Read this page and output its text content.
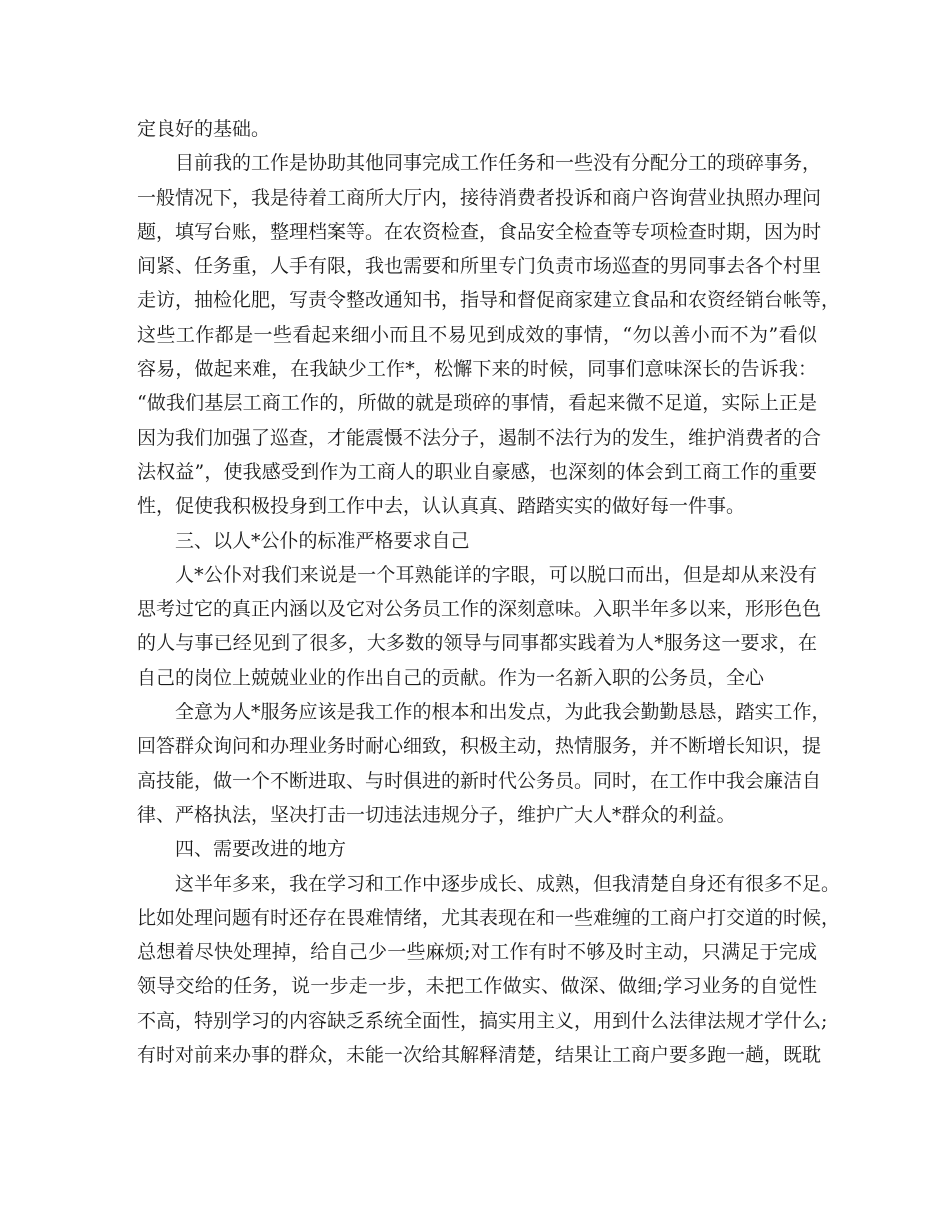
定良好的基础。
目前我的工作是协助其他同事完成工作任务和一些没有分配分工的琐碎事务，
一般情况下，我是待着工商所大厅内，接待消费者投诉和商户咨询营业执照办理问
题，填写台账，整理档案等。在农资检查，食品安全检查等专项检查时期，因为时
间紧、任务重，人手有限，我也需要和所里专门负责市场巡查的男同事去各个村里
走访，抽检化肥，写责令整改通知书，指导和督促商家建立食品和农资经销台帐等，
这些工作都是一些看起来细小而且不易见到成效的事情，“勿以善小而不为”看似
容易，做起来难，在我缺少工作*，松懈下来的时候，同事们意味深长的告诉我：
“做我们基层工商工作的，所做的就是琐碎的事情，看起来微不足道，实际上正是
因为我们加强了巡查，才能震慑不法分子，遏制不法行为的发生，维护消费者的合
法权益”，使我感受到作为工商人的职业自豪感，也深刻的体会到工商工作的重要
性，促使我积极投身到工作中去，认认真真、踏踏实实的做好每一件事。
三、以人*公仆的标准严格要求自己
人*公仆对我们来说是一个耳熟能详的字眼，可以脱口而出，但是却从来没有
思考过它的真正内涵以及它对公务员工作的深刻意味。入职半年多以来，形形色色
的人与事已经见到了很多，大多数的领导与同事都实践着为人*服务这一要求，在
自己的岗位上兢兢业业的作出自己的贡献。作为一名新入职的公务员，全心
全意为人*服务应该是我工作的根本和出发点，为此我会勤勤恳恳，踏实工作，
回答群众询问和办理业务时耐心细致，积极主动，热情服务，并不断增长知识，提
高技能，做一个不断进取、与时俱进的新时代公务员。同时，在工作中我会廉洁自
律、严格执法，坚决打击一切违法违规分子，维护广大人*群众的利益。
四、需要改进的地方
这半年多来，我在学习和工作中逐步成长、成熟，但我清楚自身还有很多不足。
比如处理问题有时还存在畏难情绪，尤其表现在和一些难缠的工商户打交道的时候，
总想着尽快处理掉，给自己少一些麻烦;对工作有时不够及时主动，只满足于完成
领导交给的任务，说一步走一步，未把工作做实、做深、做细;学习业务的自觉性
不高，特别学习的内容缺乏系统全面性，搞实用主义，用到什么法律法规才学什么;
有时对前来办事的群众，未能一次给其解释清楚，结果让工商户要多跑一趟，既耽
